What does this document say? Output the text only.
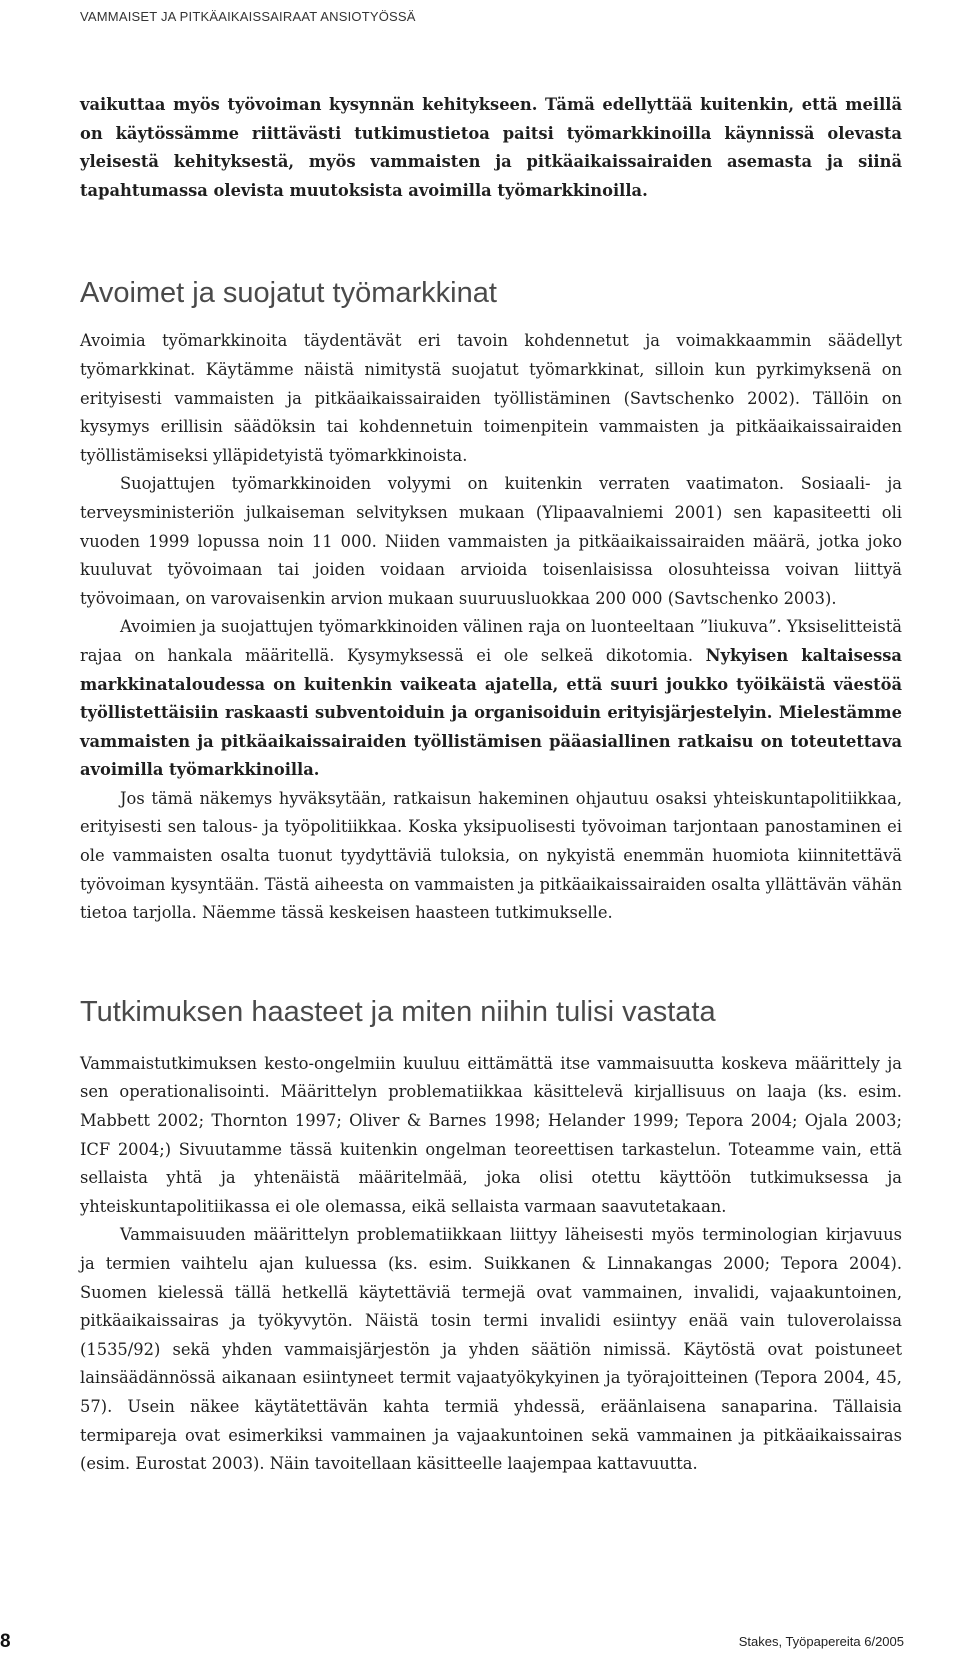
VAMMAISET JA PITKÄAIKAISSAIRAAT ANSIOTYÖSSÄ

vaikuttaa myös työvoiman kysynnän kehitykseen. Tämä edellyttää kuitenkin, että meillä on käytössämme riittävästi tutkimustietoa paitsi työmarkkinoilla käynnissä olevasta yleisestä kehityksestä, myös vammaisten ja pitkäaikaissairaiden asemasta ja siinä tapahtumassa olevista muutoksista avoimilla työmarkkinoilla.

Avoimet ja suojatut työmarkkinat

Avoimia työmarkkinoita täydentävät eri tavoin kohdennetut ja voimakkaammin säädellyt työmarkkinat. Käytämme näistä nimitystä suojatut työmarkkinat, silloin kun pyrkimyksenä on erityisesti vammaisten ja pitkäaikaissairaiden työllistäminen (Savtschenko 2002). Tällöin on kysymys erillisin säädöksin tai kohdennetuin toimenpitein vammaisten ja pitkäaikaissairaiden työllistämiseksi ylläpidetyistä työmarkkinoista.

Suojattujen työmarkkinoiden volyymi on kuitenkin verraten vaatimaton. Sosiaali- ja terveysministeriön julkaiseman selvityksen mukaan (Ylipaavalniemi 2001) sen kapasiteetti oli vuoden 1999 lopussa noin 11 000. Niiden vammaisten ja pitkäaikaissairaiden määrä, jotka joko kuuluvat työvoimaan tai joiden voidaan arvioida toisenlaisissa olosuhteissa voivan liittyä työvoimaan, on varovaisenkin arvion mukaan suuruusluokkaa 200 000 (Savtschenko 2003).

Avoimien ja suojattujen työmarkkinoiden välinen raja on luonteeltaan ”liukuva”. Yksiselitteistä rajaa on hankala määritellä. Kysymyksessä ei ole selkeä dikotomia. Nykyisen kaltaisessa markkinataloudessa on kuitenkin vaikeata ajatella, että suuri joukko työikäistä väestöä työllistettäisiin raskaasti subventoiduin ja organisoiduin erityisjärjestelyin. Mielestämme vammaisten ja pitkäaikaissairaiden työllistämisen pääasiallinen ratkaisu on toteutettava avoimilla työmarkkinoilla.

Jos tämä näkemys hyväksytään, ratkaisun hakeminen ohjautuu osaksi yhteiskuntapolitiikkaa, erityisesti sen talous- ja työpolitiikkaa. Koska yksipuolisesti työvoiman tarjontaan panostaminen ei ole vammaisten osalta tuonut tyydyttäviä tuloksia, on nykyistä enemmän huomiota kiinnitettävä työvoiman kysyntään. Tästä aiheesta on vammaisten ja pitkäaikaissairaiden osalta yllättävän vähän tietoa tarjolla. Näemme tässä keskeisen haasteen tutkimukselle.

Tutkimuksen haasteet ja miten niihin tulisi vastata

Vammaistutkimuksen kesto-ongelmiin kuuluu eittämättä itse vammaisuutta koskeva määrittely ja sen operationalisointi. Määrittelyn problematiikkaa käsittelevä kirjallisuus on laaja (ks. esim. Mabbett 2002; Thornton 1997; Oliver & Barnes 1998; Helander 1999; Tepora 2004; Ojala 2003; ICF 2004;) Sivuutamme tässä kuitenkin ongelman teoreettisen tarkastelun. Toteamme vain, että sellaista yhtä ja yhtenäistä määritelmää, joka olisi otettu käyttöön tutkimuksessa ja yhteiskuntapolitiikassa ei ole olemassa, eikä sellaista varmaan saavutetakaan.

Vammaisuuden määrittelyn problematiikkaan liittyy läheisesti myös terminologian kirjavuus ja termien vaihtelu ajan kuluessa (ks. esim. Suikkanen & Linnakangas 2000; Tepora 2004). Suomen kielessä tällä hetkellä käytettäviä termejä ovat vammainen, invalidi, vajaakuntoinen, pitkäaikaissairas ja työkyvytön. Näistä tosin termi invalidi esiintyy enää vain tuloverolaissa (1535/92) sekä yhden vammaisjärjestön ja yhden säätiön nimissä. Käytöstä ovat poistuneet lainsäädännössä aikanaan esiintyneet termit vajaatyökykyinen ja työrajoitteinen (Tepora 2004, 45, 57). Usein näkee käytätettävän kahta termiä yhdessä, eräänlaisena sanaparina. Tällaisia termipareja ovat esimerkiksi vammainen ja vajaakuntoinen sekä vammainen ja pitkäaikaissairas (esim. Eurostat 2003). Näin tavoitellaan käsitteelle laajempaa kattavuutta.

8	Stakes, Työpapereita 6/2005
